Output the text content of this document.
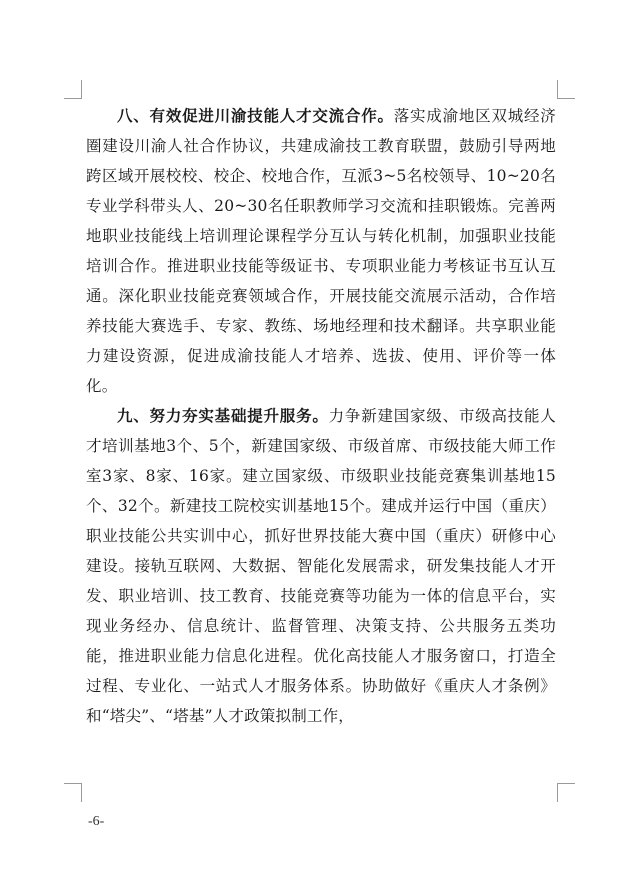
八、有效促进川渝技能人才交流合作。落实成渝地区双城经济圈建设川渝人社合作协议，共建成渝技工教育联盟，鼓励引导两地跨区域开展校校、校企、校地合作，互派3~5名校领导、10~20名专业学科带头人、20~30名任职教师学习交流和挂职锻炼。完善两地职业技能线上培训理论课程学分互认与转化机制，加强职业技能培训合作。推进职业技能等级证书、专项职业能力考核证书互认互通。深化职业技能竞赛领域合作，开展技能交流展示活动，合作培养技能大赛选手、专家、教练、场地经理和技术翻译。共享职业能力建设资源，促进成渝技能人才培养、选拔、使用、评价等一体化。

九、努力夯实基础提升服务。力争新建国家级、市级高技能人才培训基地3个、5个，新建国家级、市级首席、市级技能大师工作室3家、8家、16家。建立国家级、市级职业技能竞赛集训基地15个、32个。新建技工院校实训基地15个。建成并运行中国（重庆）职业技能公共实训中心，抓好世界技能大赛中国（重庆）研修中心建设。接轨互联网、大数据、智能化发展需求，研发集技能人才开发、职业培训、技工教育、技能竞赛等功能为一体的信息平台，实现业务经办、信息统计、监督管理、决策支持、公共服务五类功能，推进职业能力信息化进程。优化高技能人才服务窗口，打造全过程、专业化、一站式人才服务体系。协助做好《重庆人才条例》和“塔尖”、“塔基”人才政策拟制工作，

-6-
